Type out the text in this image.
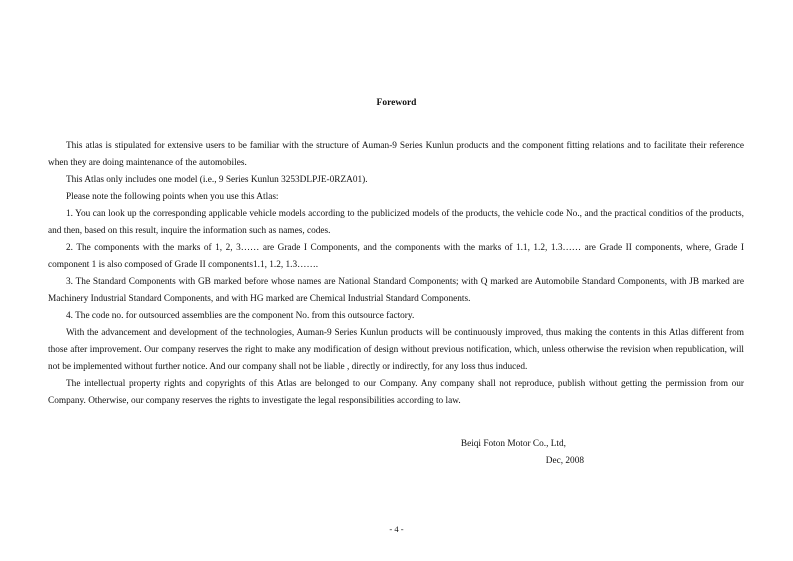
Foreword

This atlas is stipulated for extensive users to be familiar with the structure of Auman-9 Series Kunlun products and the component fitting relations and to facilitate their reference when they are doing maintenance of the automobiles.

This Atlas only includes one model (i.e., 9 Series Kunlun 3253DLPJE-0RZA01).

Please note the following points when you use this Atlas:

1. You can look up the corresponding applicable vehicle models according to the publicized models of the products, the vehicle code No., and the practical conditios of the products, and then, based on this result, inquire the information such as names, codes.

2. The components with the marks of 1, 2, 3…… are Grade I Components, and the components with the marks of 1.1, 1.2, 1.3…… are Grade II components, where, Grade I component 1 is also composed of Grade II components1.1, 1.2, 1.3…….

3. The Standard Components with GB marked before whose names are National Standard Components; with Q marked are Automobile Standard Components, with JB marked are Machinery Industrial Standard Components, and with HG marked are Chemical Industrial Standard Components.

4. The code no. for outsourced assemblies are the component No. from this outsource factory.

With the advancement and development of the technologies, Auman-9 Series Kunlun products will be continuously improved, thus making the contents in this Atlas different from those after improvement. Our company reserves the right to make any modification of design without previous notification, which, unless otherwise the revision when republication, will not be implemented without further notice. And our company shall not be liable , directly or indirectly, for any loss thus induced.

The intellectual property rights and copyrights of this Atlas are belonged to our Company. Any company shall not reproduce, publish without getting the permission from our Company. Otherwise, our company reserves the rights to investigate the legal responsibilities according to law.

Beiqi Foton Motor Co., Ltd,
Dec, 2008
- 4 -
